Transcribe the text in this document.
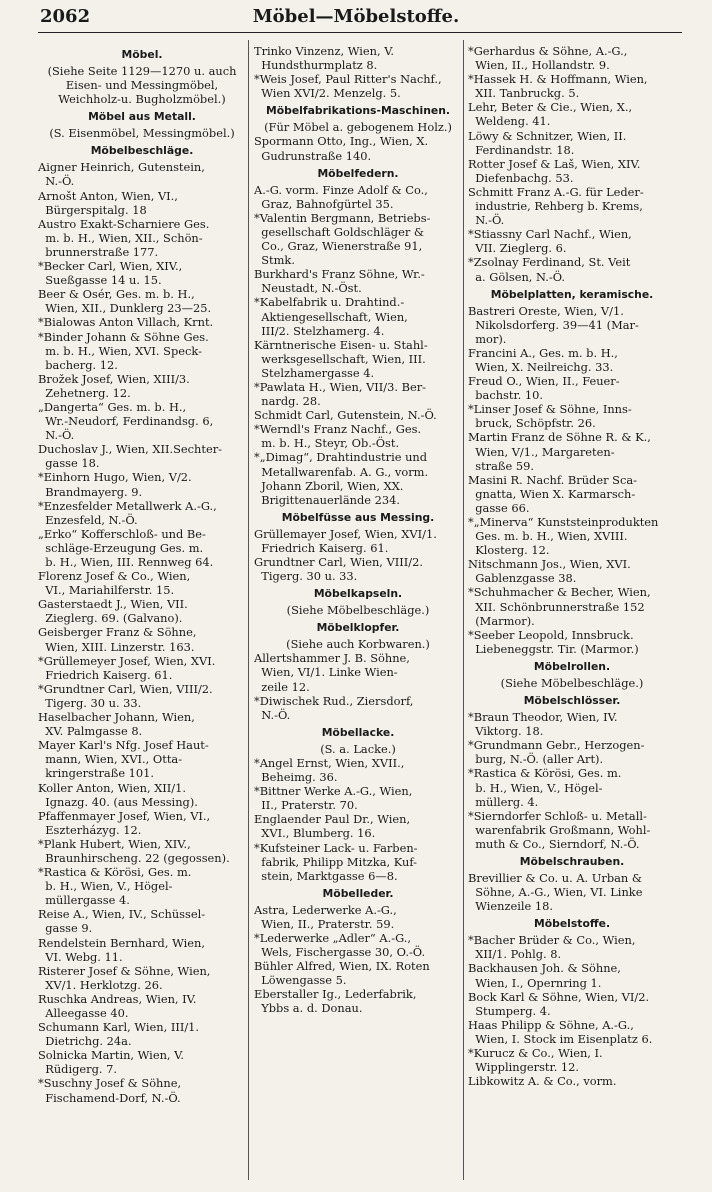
2062	Möbel—Möbelstoffe.
Möbel.
(Siehe Seite 1129—1270 u. auch
Eisen- und Messingmöbel,
Weichholz-u. Bugholzmöbel.)
Möbel aus Metall.
(S. Eisenmöbel, Messingmöbel.)
Möbelbeschläge.
Aigner Heinrich, Gutenstein,
N.-Ö.
Arnošt Anton, Wien, VI.,
Bürgerspitalg. 18
Austro Exakt-Scharniere Ges.
m. b. H., Wien, XII., Schön-
brunnerstraße 177.
*Becker Carl, Wien, XIV.,
Sueßgasse 14 u. 15.
Beer & Osér, Ges. m. b. H.,
Wien, XII., Dunklerg 23—25.
*Bialowas Anton Villach, Krnt.
*Binder Johann & Söhne Ges.
m. b. H., Wien, XVI. Speck-
bacherg. 12.
Brožek Josef, Wien, XIII/3.
Zehetnerg. 12.
„Dangerta“ Ges. m. b. H.,
Wr.-Neudorf, Ferdinandsg. 6,
N.-Ö.
Duchoslav J., Wien, XII.Sechter-
gasse 18.
*Einhorn Hugo, Wien, V/2.
Brandmayerg. 9.
*Enzesfelder Metallwerk A.-G.,
Enzesfeld, N.-Ö.
„Erko“ Kofferschloß- und Be-
schläge-Erzeugung Ges. m.
b. H., Wien, III. Rennweg 64.
Florenz Josef & Co., Wien,
VI., Mariahilferstr. 15.
Gasterstaedt J., Wien, VII.
Zieglerg. 69. (Galvano).
Geisberger Franz & Söhne,
Wien, XIII. Linzerstr. 163.
*Grüllemeyer Josef, Wien, XVI.
Friedrich Kaiserg. 61.
*Grundtner Carl, Wien, VIII/2.
Tigerg. 30 u. 33.
Haselbacher Johann, Wien,
XV. Palmgasse 8.
Mayer Karl's Nfg. Josef Haut-
mann, Wien, XVI., Otta-
kringerstraße 101.
Koller Anton, Wien, XII/1.
Ignazg. 40. (aus Messing).
Pfaffenmayer Josef, Wien, VI.,
Eszterházyg. 12.
*Plank Hubert, Wien, XIV.,
Braunhirscheng. 22 (gegossen).
*Rastica & Körösi, Ges. m.
b. H., Wien, V., Högel-
müllergasse 4.
Reise A., Wien, IV., Schüssel-
gasse 9.
Rendelstein Bernhard, Wien,
VI. Webg. 11.
Risterer Josef & Söhne, Wien,
XV/1. Herklotzg. 26.
Ruschka Andreas, Wien, IV.
Alleegasse 40.
Schumann Karl, Wien, III/1.
Dietrichg. 24a.
Solnicka Martin, Wien, V.
Rüdigerg. 7.
*Suschny Josef & Söhne,
Fischamend-Dorf, N.-Ö.
Trinko Vinzenz, Wien, V.
Hundsthurmplatz 8.
*Weis Josef, Paul Ritter's Nachf.,
Wien XVI/2. Menzelg. 5.
Möbelfabrikations-Maschinen.
(Für Möbel a. gebogenem Holz.)
Spormann Otto, Ing., Wien, X.
Gudrunstraße 140.
Möbelfedern.
A.-G. vorm. Finze Adolf & Co.,
Graz, Bahnofgürtel 35.
*Valentin Bergmann, Betriebs-
gesellschaft Goldschläger &
Co., Graz, Wienerstraße 91,
Stmk.
Burkhard's Franz Söhne, Wr.-
Neustadt, N.-Öst.
*Kabelfabrik u. Drahtind.-
Aktiengesellschaft, Wien,
III/2. Stelzhamerg. 4.
Kärntnerische Eisen- u. Stahl-
werksgesellschaft, Wien, III.
Stelzhamergasse 4.
*Pawlata H., Wien, VII/3. Ber-
nardg. 28.
Schmidt Carl, Gutenstein, N.-Ö.
*Werndl's Franz Nachf., Ges.
m. b. H., Steyr, Ob.-Öst.
*„Dimag“, Drahtindustrie und
Metallwarenfab. A. G., vorm.
Johann Zboril, Wien, XX.
Brigittenauerlände 234.
Möbelfüsse aus Messing.
Grüllemayer Josef, Wien, XVI/1.
Friedrich Kaiserg. 61.
Grundtner Carl, Wien, VIII/2.
Tigerg. 30 u. 33.
Möbelkapseln.
(Siehe Möbelbeschläge.)
Möbelklopfer.
(Siehe auch Korbwaren.)
Allertshammer J. B. Söhne,
Wien, VI/1. Linke Wien-
zeile 12.
*Diwischek Rud., Ziersdorf,
N.-Ö.
Möbellacke.
(S. a. Lacke.)
*Angel Ernst, Wien, XVII.,
Beheimg. 36.
*Bittner Werke A.-G., Wien,
II., Praterstr. 70.
Englaender Paul Dr., Wien,
XVI., Blumberg. 16.
*Kufsteiner Lack- u. Farben-
fabrik, Philipp Mitzka, Kuf-
stein, Marktgasse 6—8.
Möbelleder.
Astra, Lederwerke A.-G.,
Wien, II., Praterstr. 59.
*Lederwerke „Adler“ A.-G.,
Wels, Fischergasse 30, O.-Ö.
Bühler Alfred, Wien, IX. Roten
Löwengasse 5.
Eberstaller Ig., Lederfabrik,
Ybbs a. d. Donau.
*Gerhardus & Söhne, A.-G.,
Wien, II., Hollandstr. 9.
*Hassek H. & Hoffmann, Wien,
XII. Tanbruckg. 5.
Lehr, Beter & Cie., Wien, X.,
Weldeng. 41.
Löwy & Schnitzer, Wien, II.
Ferdinandstr. 18.
Rotter Josef & Laš, Wien, XIV.
Diefenbachg. 53.
Schmitt Franz A.-G. für Leder-
industrie, Rehberg b. Krems,
N.-Ö.
*Stiassny Carl Nachf., Wien,
VII. Zieglerg. 6.
*Zsolnay Ferdinand, St. Veit
a. Gölsen, N.-Ö.
Möbelplatten, keramische.
Bastreri Oreste, Wien, V/1.
Nikolsdorferg. 39—41 (Mar-
mor).
Francini A., Ges. m. b. H.,
Wien, X. Neilreichg. 33.
Freud O., Wien, II., Feuer-
bachstr. 10.
*Linser Josef & Söhne, Inns-
bruck, Schöpfstr. 26.
Martin Franz de Söhne R. & K.,
Wien, V/1., Margareten-
straße 59.
Masini R. Nachf. Brüder Sca-
gnatta, Wien X. Karmarsch-
gasse 66.
*„Minerva“ Kunststeinprodukten
Ges. m. b. H., Wien, XVIII.
Klosterg. 12.
Nitschmann Jos., Wien, XVI.
Gablenzgasse 38.
*Schuhmacher & Becher, Wien,
XII. Schönbrunnerstraße 152
(Marmor).
*Seeber Leopold, Innsbruck.
Liebeneggstr. Tir. (Marmor.)
Möbelrollen.
(Siehe Möbelbeschläge.)
Möbelschlösser.
*Braun Theodor, Wien, IV.
Viktorg. 18.
*Grundmann Gebr., Herzogen-
burg, N.-Ö. (aller Art).
*Rastica & Körösi, Ges. m.
b. H., Wien, V., Högel-
müllerg. 4.
*Sierndorfer Schloß- u. Metall-
warenfabrik Großmann, Wohl-
muth & Co., Sierndorf, N.-Ö.
Möbelschrauben.
Brevillier & Co. u. A. Urban &
Söhne, A.-G., Wien, VI. Linke
Wienzeile 18.
Möbelstoffe.
*Bacher Brüder & Co., Wien,
XII/1. Pohlg. 8.
Backhausen Joh. & Söhne,
Wien, I., Opernring 1.
Bock Karl & Söhne, Wien, VI/2.
Stumperg. 4.
Haas Philipp & Söhne, A.-G.,
Wien, I. Stock im Eisenplatz 6.
*Kurucz & Co., Wien, I.
Wipplingerstr. 12.
Libkowitz A. & Co., vorm.
